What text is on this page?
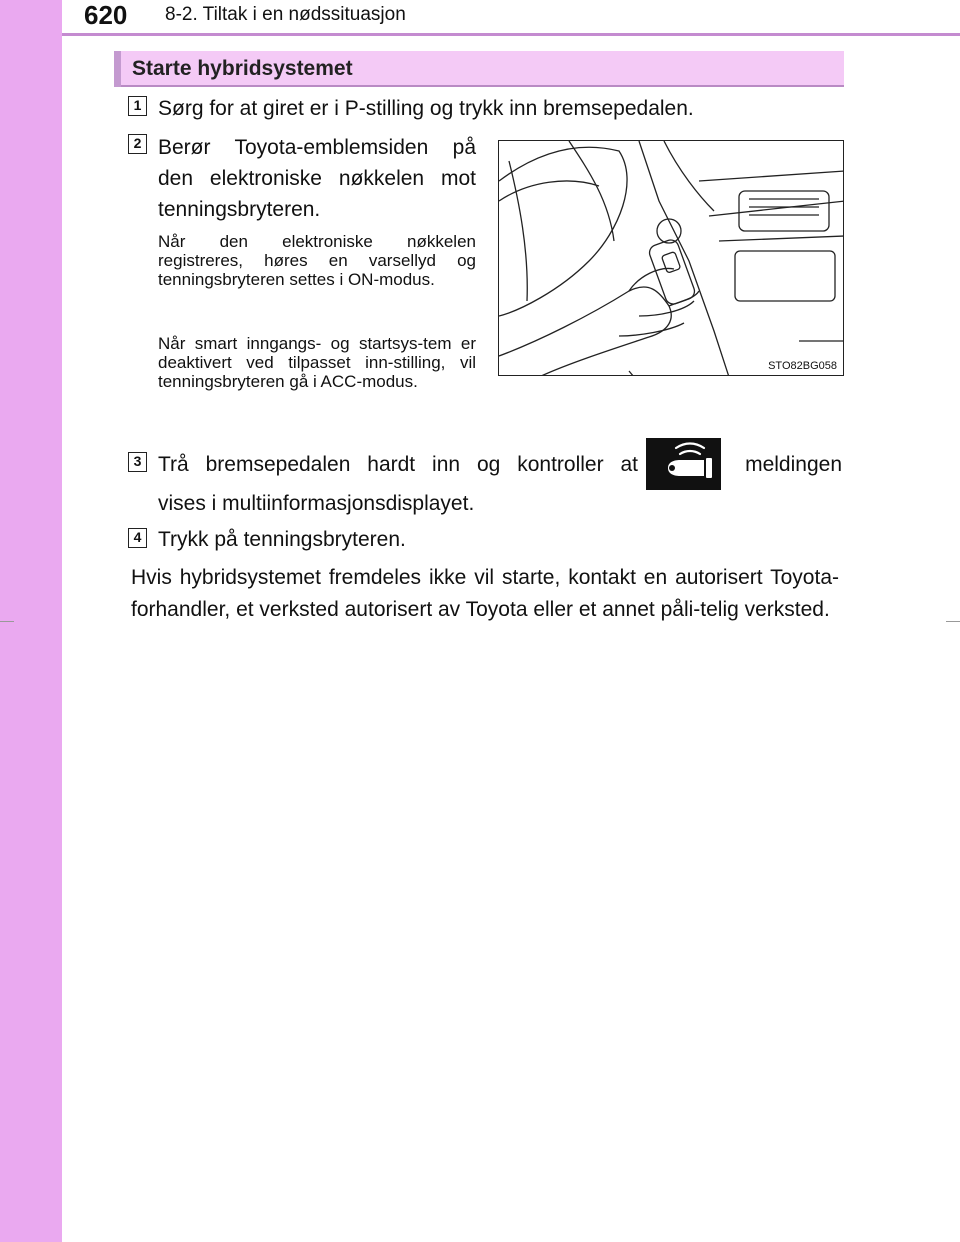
620 8-2. Tiltak i en nødssituasjon
Starte hybridsystemet
1 Sørg for at giret er i P-stilling og trykk inn bremsepedalen.
2 Berør Toyota-emblemsiden på den elektroniske nøkkelen mot tenningsbryteren.
Når den elektroniske nøkkelen registreres, høres en varsellyd og tenningsbryteren settes i ON-modus.
Når smart inngangs- og startsys-tem er deaktivert ved tilpasset inn-stilling, vil tenningsbryteren gå i ACC-modus.
STO82BG058
3 Trå bremsepedalen hardt inn og kontroller at	meldingen
vises i multiinformasjonsdisplayet.
4 Trykk på tenningsbryteren.
Hvis hybridsystemet fremdeles ikke vil starte, kontakt en autorisert Toyota-forhandler, et verksted autorisert av Toyota eller et annet påli-telig verksted.
